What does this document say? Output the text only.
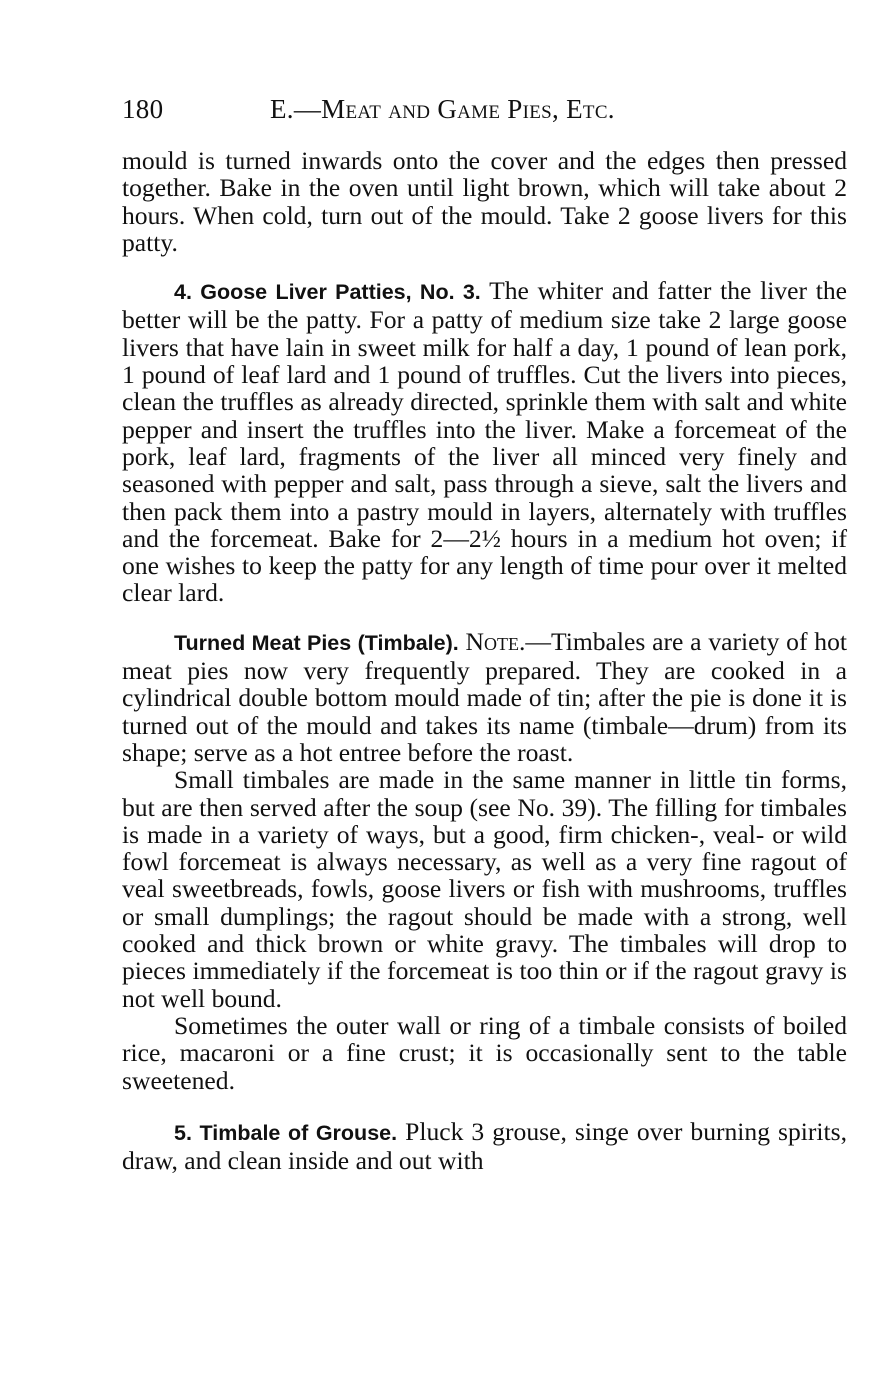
180	E.—Meat and Game Pies, Etc.

mould is turned inwards onto the cover and the edges then pressed together. Bake in the oven until light brown, which will take about 2 hours. When cold, turn out of the mould. Take 2 goose livers for this patty.

4. Goose Liver Patties, No. 3. The whiter and fatter the liver the better will be the patty. For a patty of medium size take 2 large goose livers that have lain in sweet milk for half a day, 1 pound of lean pork, 1 pound of leaf lard and 1 pound of truffles. Cut the livers into pieces, clean the truffles as already directed, sprinkle them with salt and white pepper and insert the truffles into the liver. Make a forcemeat of the pork, leaf lard, fragments of the liver all minced very finely and seasoned with pepper and salt, pass through a sieve, salt the livers and then pack them into a pastry mould in layers, alternately with truffles and the forcemeat. Bake for 2—2½ hours in a medium hot oven; if one wishes to keep the patty for any length of time pour over it melted clear lard.

Turned Meat Pies (Timbale). Note.—Timbales are a variety of hot meat pies now very frequently prepared. They are cooked in a cylindrical double bottom mould made of tin; after the pie is done it is turned out of the mould and takes its name (timbale—drum) from its shape; serve as a hot entree before the roast.

Small timbales are made in the same manner in little tin forms, but are then served after the soup (see No. 39). The filling for timbales is made in a variety of ways, but a good, firm chicken-, veal- or wild fowl forcemeat is always necessary, as well as a very fine ragout of veal sweetbreads, fowls, goose livers or fish with mushrooms, truffles or small dumplings; the ragout should be made with a strong, well cooked and thick brown or white gravy. The timbales will drop to pieces immediately if the forcemeat is too thin or if the ragout gravy is not well bound.

Sometimes the outer wall or ring of a timbale consists of boiled rice, macaroni or a fine crust; it is occasionally sent to the table sweetened.

5. Timbale of Grouse. Pluck 3 grouse, singe over burning spirits, draw, and clean inside and out with
